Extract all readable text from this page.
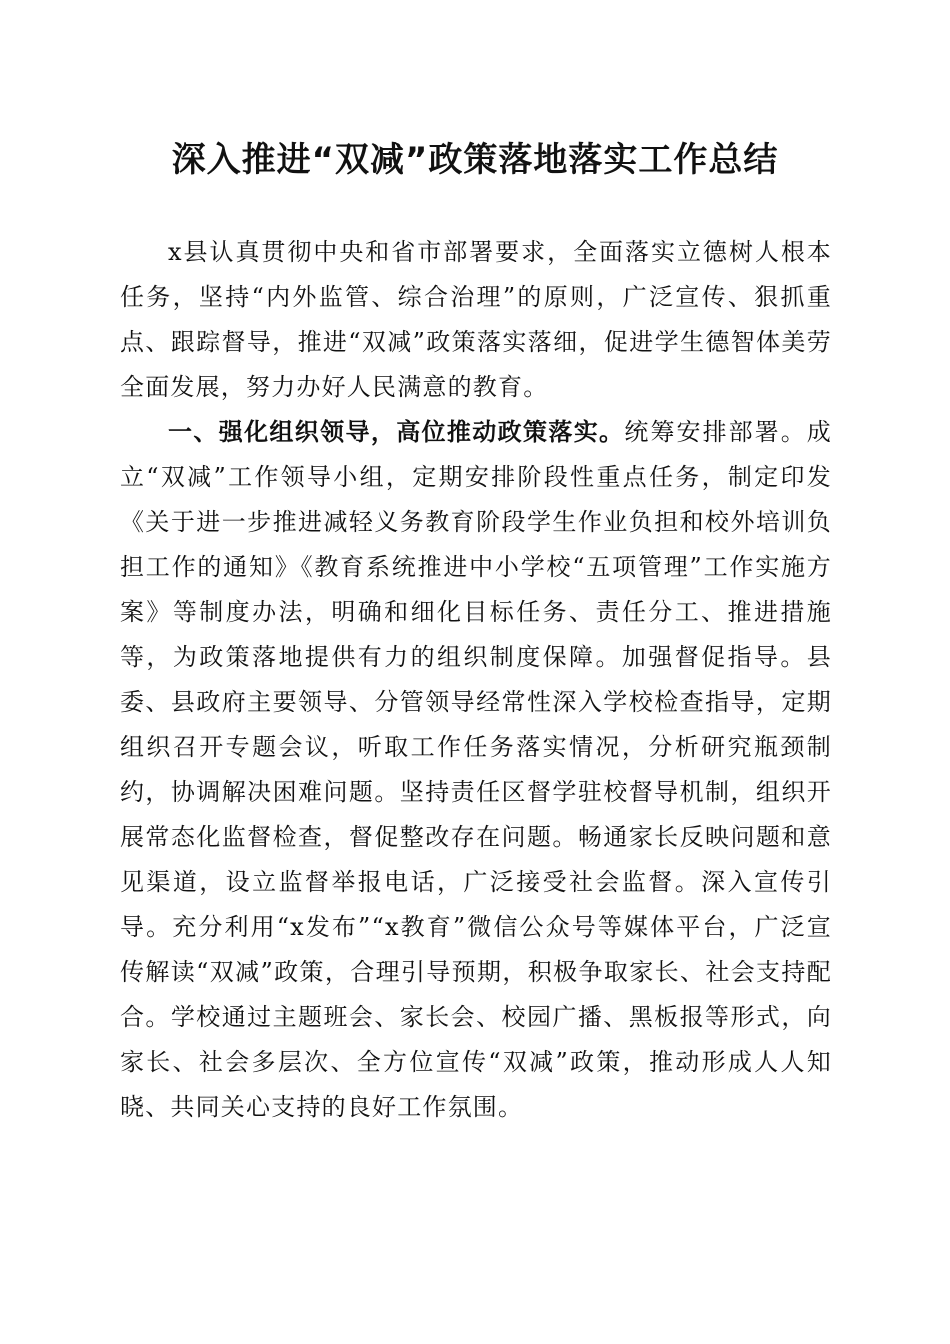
深入推进“双减”政策落地落实工作总结

x县认真贯彻中央和省市部署要求，全面落实立德树人根本任务，坚持“内外监管、综合治理”的原则，广泛宣传、狠抓重点、跟踪督导，推进“双减”政策落实落细，促进学生德智体美劳全面发展，努力办好人民满意的教育。

一、强化组织领导，高位推动政策落实。统筹安排部署。成立“双减”工作领导小组，定期安排阶段性重点任务，制定印发《关于进一步推进减轻义务教育阶段学生作业负担和校外培训负担工作的通知》《教育系统推进中小学校“五项管理”工作实施方案》等制度办法，明确和细化目标任务、责任分工、推进措施等，为政策落地提供有力的组织制度保障。加强督促指导。县委、县政府主要领导、分管领导经常性深入学校检查指导，定期组织召开专题会议，听取工作任务落实情况，分析研究瓶颈制约，协调解决困难问题。坚持责任区督学驻校督导机制，组织开展常态化监督检查，督促整改存在问题。畅通家长反映问题和意见渠道，设立监督举报电话，广泛接受社会监督。深入宣传引导。充分利用“x发布”“x教育”微信公众号等媒体平台，广泛宣传解读“双减”政策，合理引导预期，积极争取家长、社会支持配合。学校通过主题班会、家长会、校园广播、黑板报等形式，向家长、社会多层次、全方位宣传“双减”政策，推动形成人人知晓、共同关心支持的良好工作氛围。
